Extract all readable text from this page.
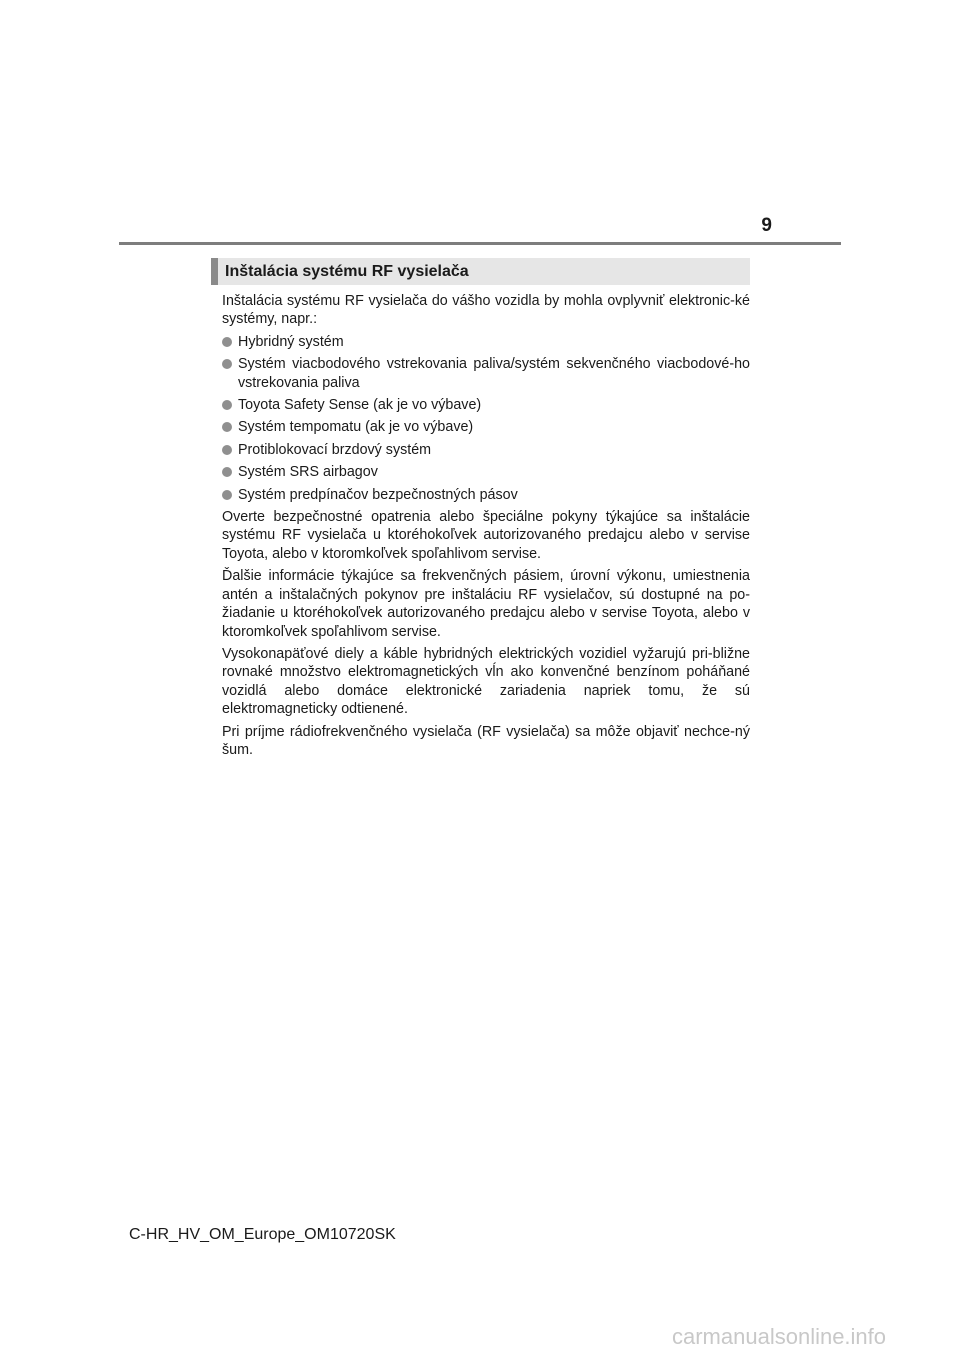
9
Inštalácia systému RF vysielača

Inštalácia systému RF vysielača do vášho vozidla by mohla ovplyvniť elektronic-ké systémy, napr.:

Hybridný systém
Systém viacbodového vstrekovania paliva/systém sekvenčného viacbodové-ho vstrekovania paliva
Toyota Safety Sense (ak je vo výbave)
Systém tempomatu (ak je vo výbave)
Protiblokovací brzdový systém
Systém SRS airbagov
Systém predpínačov bezpečnostných pásov

Overte bezpečnostné opatrenia alebo špeciálne pokyny týkajúce sa inštalácie systému RF vysielača u ktoréhokoľvek autorizovaného predajcu alebo v servise Toyota, alebo v ktoromkoľvek spoľahlivom servise.

Ďalšie informácie týkajúce sa frekvenčných pásiem, úrovní výkonu, umiestnenia antén a inštalačných pokynov pre inštaláciu RF vysielačov, sú dostupné na po-žiadanie u ktoréhokoľvek autorizovaného predajcu alebo v servise Toyota, alebo v ktoromkoľvek spoľahlivom servise.

Vysokonapäťové diely a káble hybridných elektrických vozidiel vyžarujú pri-bližne rovnaké množstvo elektromagnetických vĺn ako konvenčné benzínom poháňané vozidlá alebo domáce elektronické zariadenia napriek tomu, že sú elektromagneticky odtienené.

Pri príjme rádiofrekvenčného vysielača (RF vysielača) sa môže objaviť nechce-ný šum.

C-HR_HV_OM_Europe_OM10720SK
carmanualsonline.info
